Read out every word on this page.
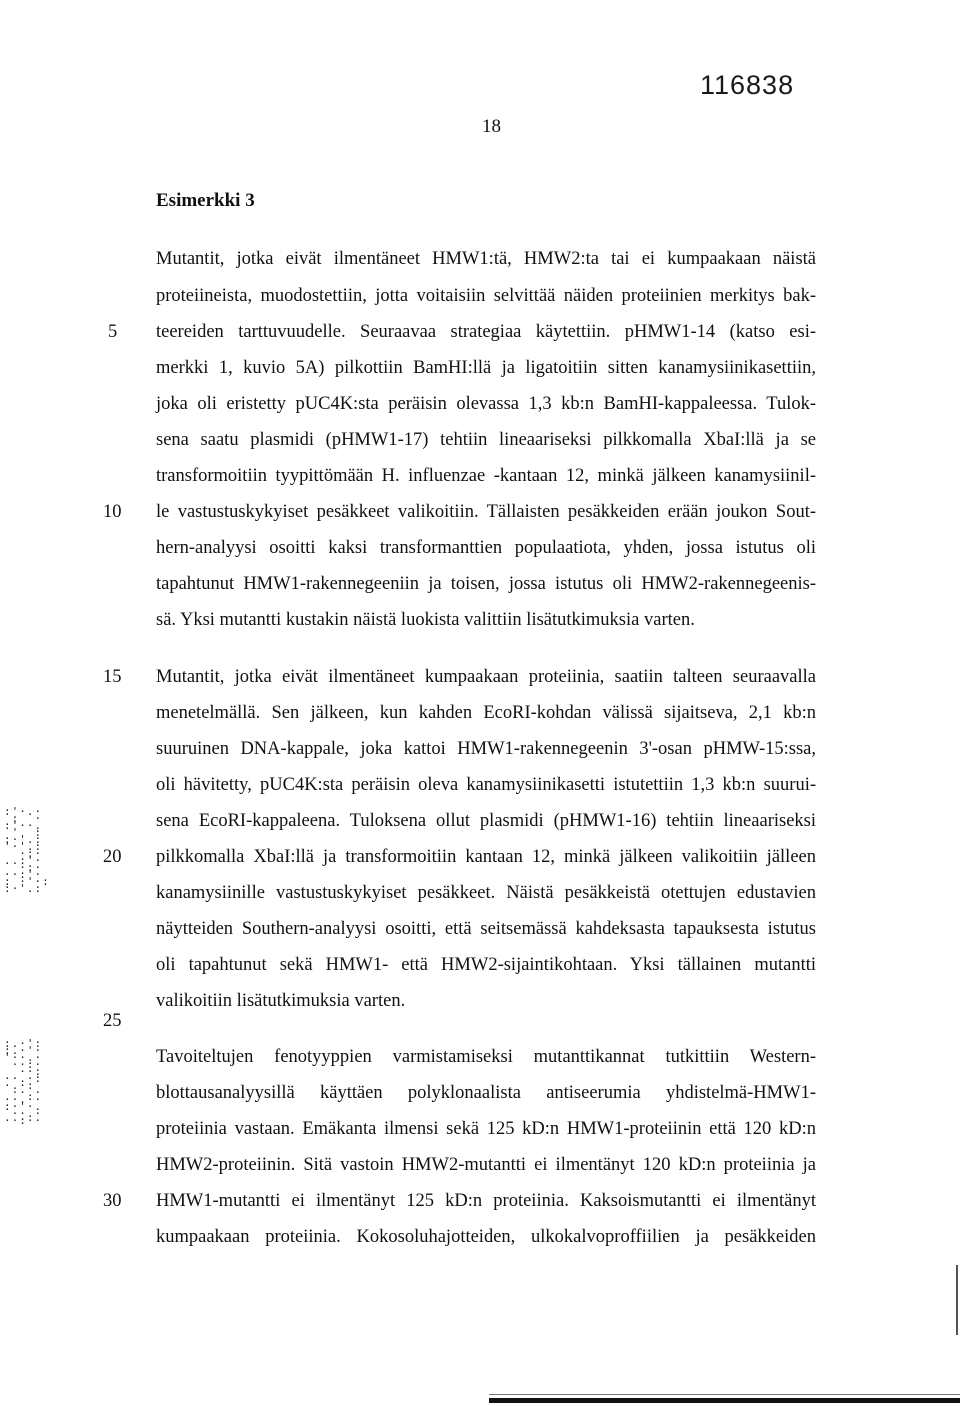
116838
18
Esimerkki 3
Mutantit, jotka eivät ilmentäneet HMW1:tä, HMW2:ta tai ei kumpaakaan näistä
proteiineista, muodostettiin, jotta voitaisiin selvittää näiden proteiinien merkitys bak-
teereiden tarttuvuudelle. Seuraavaa strategiaa käytettiin. pHMW1-14 (katso esi-
merkki 1, kuvio 5A) pilkottiin BamHI:llä ja ligatoitiin sitten kanamysiinikasettiin,
joka oli eristetty pUC4K:sta peräisin olevassa 1,3 kb:n BamHI-kappaleessa. Tulok-
sena saatu plasmidi (pHMW1-17) tehtiin lineaariseksi pilkkomalla XbaI:llä ja se
transformoitiin tyypittömään H. influenzae -kantaan 12, minkä jälkeen kanamysiinil-
le vastustuskykyiset pesäkkeet valikoitiin. Tällaisten pesäkkeiden erään joukon Sout-
hern-analyysi osoitti kaksi transformanttien populaatiota, yhden, jossa istutus oli
tapahtunut HMW1-rakennegeeniin ja toisen, jossa istutus oli HMW2-rakennegeenis-
sä. Yksi mutantti kustakin näistä luokista valittiin lisätutkimuksia varten.
Mutantit, jotka eivät ilmentäneet kumpaakaan proteiinia, saatiin talteen seuraavalla
menetelmällä. Sen jälkeen, kun kahden EcoRI-kohdan välissä sijaitseva, 2,1 kb:n
suuruinen DNA-kappale, joka kattoi HMW1-rakennegeenin 3'-osan pHMW-15:ssa,
oli hävitetty, pUC4K:sta peräisin oleva kanamysiinikasetti istutettiin 1,3 kb:n suurui-
sena EcoRI-kappaleena. Tuloksena ollut plasmidi (pHMW1-16) tehtiin lineaariseksi
pilkkomalla XbaI:llä ja transformoitiin kantaan 12, minkä jälkeen valikoitiin jälleen
kanamysiinille vastustuskykyiset pesäkkeet. Näistä pesäkkeistä otettujen edustavien
näytteiden Southern-analyysi osoitti, että seitsemässä kahdeksasta tapauksesta istutus
oli tapahtunut sekä HMW1- että HMW2-sijaintikohtaan. Yksi tällainen mutantti
valikoitiin lisätutkimuksia varten.
Tavoiteltujen fenotyyppien varmistamiseksi mutanttikannat tutkittiin Western-
blottausanalyysillä käyttäen polyklonaalista antiseerumia yhdistelmä-HMW1-
proteiinia vastaan. Emäkanta ilmensi sekä 125 kD:n HMW1-proteiinin että 120 kD:n
HMW2-proteiinin. Sitä vastoin HMW2-mutantti ei ilmentänyt 120 kD:n proteiinia ja
HMW1-mutantti ei ilmentänyt 125 kD:n proteiinia. Kaksoismutantti ei ilmentänyt
kumpaakaan proteiinia. Kokosoluhajotteiden, ulkokalvoproffiilien ja pesäkkeiden
5
10
15
20
25
30
:'·.·
:  ·
:'··.
'  :
:·'.:
'·'.:
·:·
..:'·
·:·
··:'·
: ·'·:
:·'.:
:.·':
:.·'·
'··.·
··:·
··:
··.·:
·.·:
··.·
··.··
:·'·.
··.·
··:··
